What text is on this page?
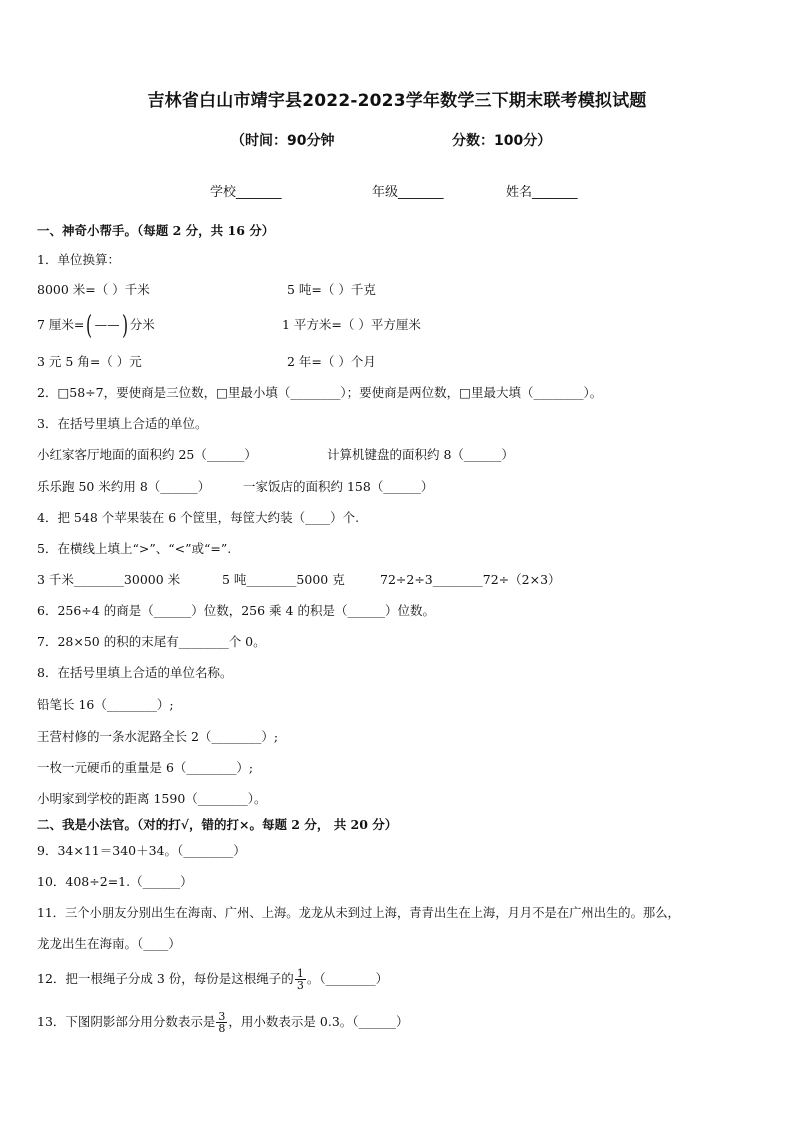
吉林省白山市靖宇县2022-2023学年数学三下期末联考模拟试题
（时间：90分钟	分数：100分）
学校_______	年级_______	姓名_______
一、神奇小帮手。（每题 2 分，共 16 分）
1．单位换算：
8000 米=（ ）千米	5 吨=（ ）千克
7 厘米=( ——) 分米	1 平方米=（ ）平方厘米
3 元 5 角=（ ）元	2 年=（ ）个月
2．□58÷7，要使商是三位数，□里最小填（________）；要使商是两位数，□里最大填（________）。
3．在括号里填上合适的单位。
小红家客厅地面的面积约 25（______）	计算机键盘的面积约 8（______）
乐乐跑 50 米约用 8（______）	一家饭店的面积约 158（______）
4．把 548 个苹果装在 6 个筐里，每筐大约装（____）个.
5．在横线上填上“>”、“<”或“=”.
3 千米________30000 米	5 吨________5000 克	72÷2÷3________72÷（2×3）
6．256÷4 的商是（______）位数，256 乘 4 的积是（______）位数。
7．28×50 的积的末尾有________个 0。
8．在括号里填上合适的单位名称。
铅笔长 16（________）;
王营村修的一条水泥路全长 2（________）;
一枚一元硬币的重量是 6（________）;
小明家到学校的距离 1590（________）。
二、我是小法官。（对的打√，错的打×。每题 2 分， 共 20 分）
9．34×11＝340＋34。（________）
10．408÷2=1.（______）
11．三个小朋友分别出生在海南、广州、上海。龙龙从未到过上海，青青出生在上海，月月不是在广州出生的。那么，
龙龙出生在海南。（____）
12．把一根绳子分成 3 份，每份是这根绳子的 $\frac{1}{3}$ 。（________）
13．下图阴影部分用分数表示是 $\frac{3}{8}$ ，用小数表示是 0.3。（______）
